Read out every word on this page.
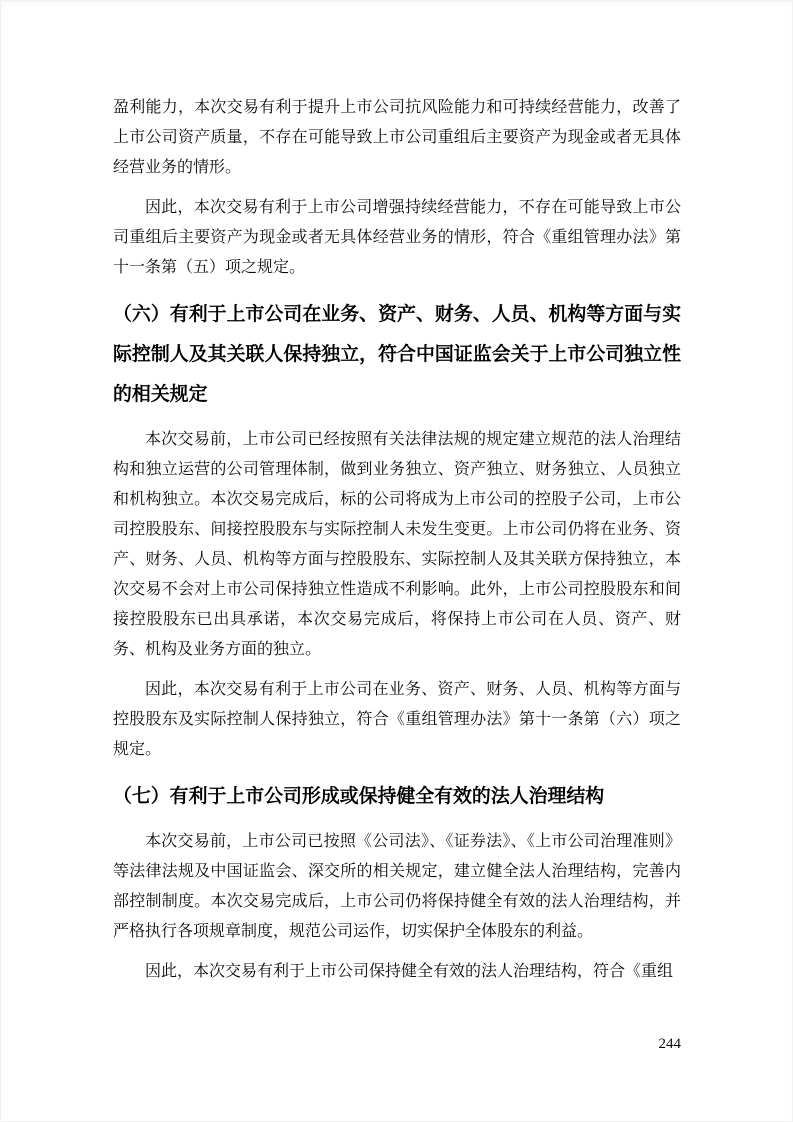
盈利能力，本次交易有利于提升上市公司抗风险能力和可持续经营能力，改善了上市公司资产质量，不存在可能导致上市公司重组后主要资产为现金或者无具体经营业务的情形。

因此，本次交易有利于上市公司增强持续经营能力，不存在可能导致上市公司重组后主要资产为现金或者无具体经营业务的情形，符合《重组管理办法》第十一条第（五）项之规定。

（六）有利于上市公司在业务、资产、财务、人员、机构等方面与实际控制人及其关联人保持独立，符合中国证监会关于上市公司独立性的相关规定

本次交易前，上市公司已经按照有关法律法规的规定建立规范的法人治理结构和独立运营的公司管理体制，做到业务独立、资产独立、财务独立、人员独立和机构独立。本次交易完成后，标的公司将成为上市公司的控股子公司，上市公司控股股东、间接控股股东与实际控制人未发生变更。上市公司仍将在业务、资产、财务、人员、机构等方面与控股股东、实际控制人及其关联方保持独立，本次交易不会对上市公司保持独立性造成不利影响。此外，上市公司控股股东和间接控股股东已出具承诺，本次交易完成后，将保持上市公司在人员、资产、财务、机构及业务方面的独立。

因此，本次交易有利于上市公司在业务、资产、财务、人员、机构等方面与控股股东及实际控制人保持独立，符合《重组管理办法》第十一条第（六）项之规定。

（七）有利于上市公司形成或保持健全有效的法人治理结构

本次交易前，上市公司已按照《公司法》、《证券法》、《上市公司治理准则》等法律法规及中国证监会、深交所的相关规定，建立健全法人治理结构，完善内部控制制度。本次交易完成后，上市公司仍将保持健全有效的法人治理结构，并严格执行各项规章制度，规范公司运作，切实保护全体股东的利益。

因此，本次交易有利于上市公司保持健全有效的法人治理结构，符合《重组

244
